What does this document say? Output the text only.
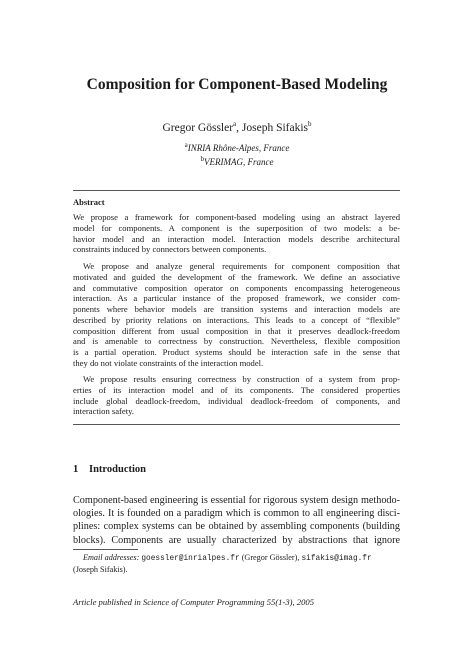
Composition for Component-Based Modeling
Gregor Gössler$^a$, Joseph Sifakis$^b$
$^a$INRIA Rhône-Alpes, France
$^b$VERIMAG, France
Abstract
We propose a framework for component-based modeling using an abstract layered
model for components. A component is the superposition of two models: a be-
havior model and an interaction model. Interaction models describe architectural
constraints induced by connectors between components.
We propose and analyze general requirements for component composition that
motivated and guided the development of the framework. We define an associative
and commutative composition operator on components encompassing heterogeneous
interaction. As a particular instance of the proposed framework, we consider com-
ponents where behavior models are transition systems and interaction models are
described by priority relations on interactions. This leads to a concept of “flexible”
composition different from usual composition in that it preserves deadlock-freedom
and is amenable to correctness by construction. Nevertheless, flexible composition
is a partial operation. Product systems should be interaction safe in the sense that
they do not violate constraints of the interaction model.
We propose results ensuring correctness by construction of a system from prop-
erties of its interaction model and of its components. The considered properties
include global deadlock-freedom, individual deadlock-freedom of components, and
interaction safety.
1 Introduction
Component-based engineering is essential for rigorous system design methodo-
ologies. It is founded on a paradigm which is common to all engineering disci-
plines: complex systems can be obtained by assembling components (building
blocks). Components are usually characterized by abstractions that ignore
Email addresses: goessler@inrialpes.fr (Gregor Gössler), sifakis@imag.fr
(Joseph Sifakis).
Article published in Science of Computer Programming 55(1-3), 2005
